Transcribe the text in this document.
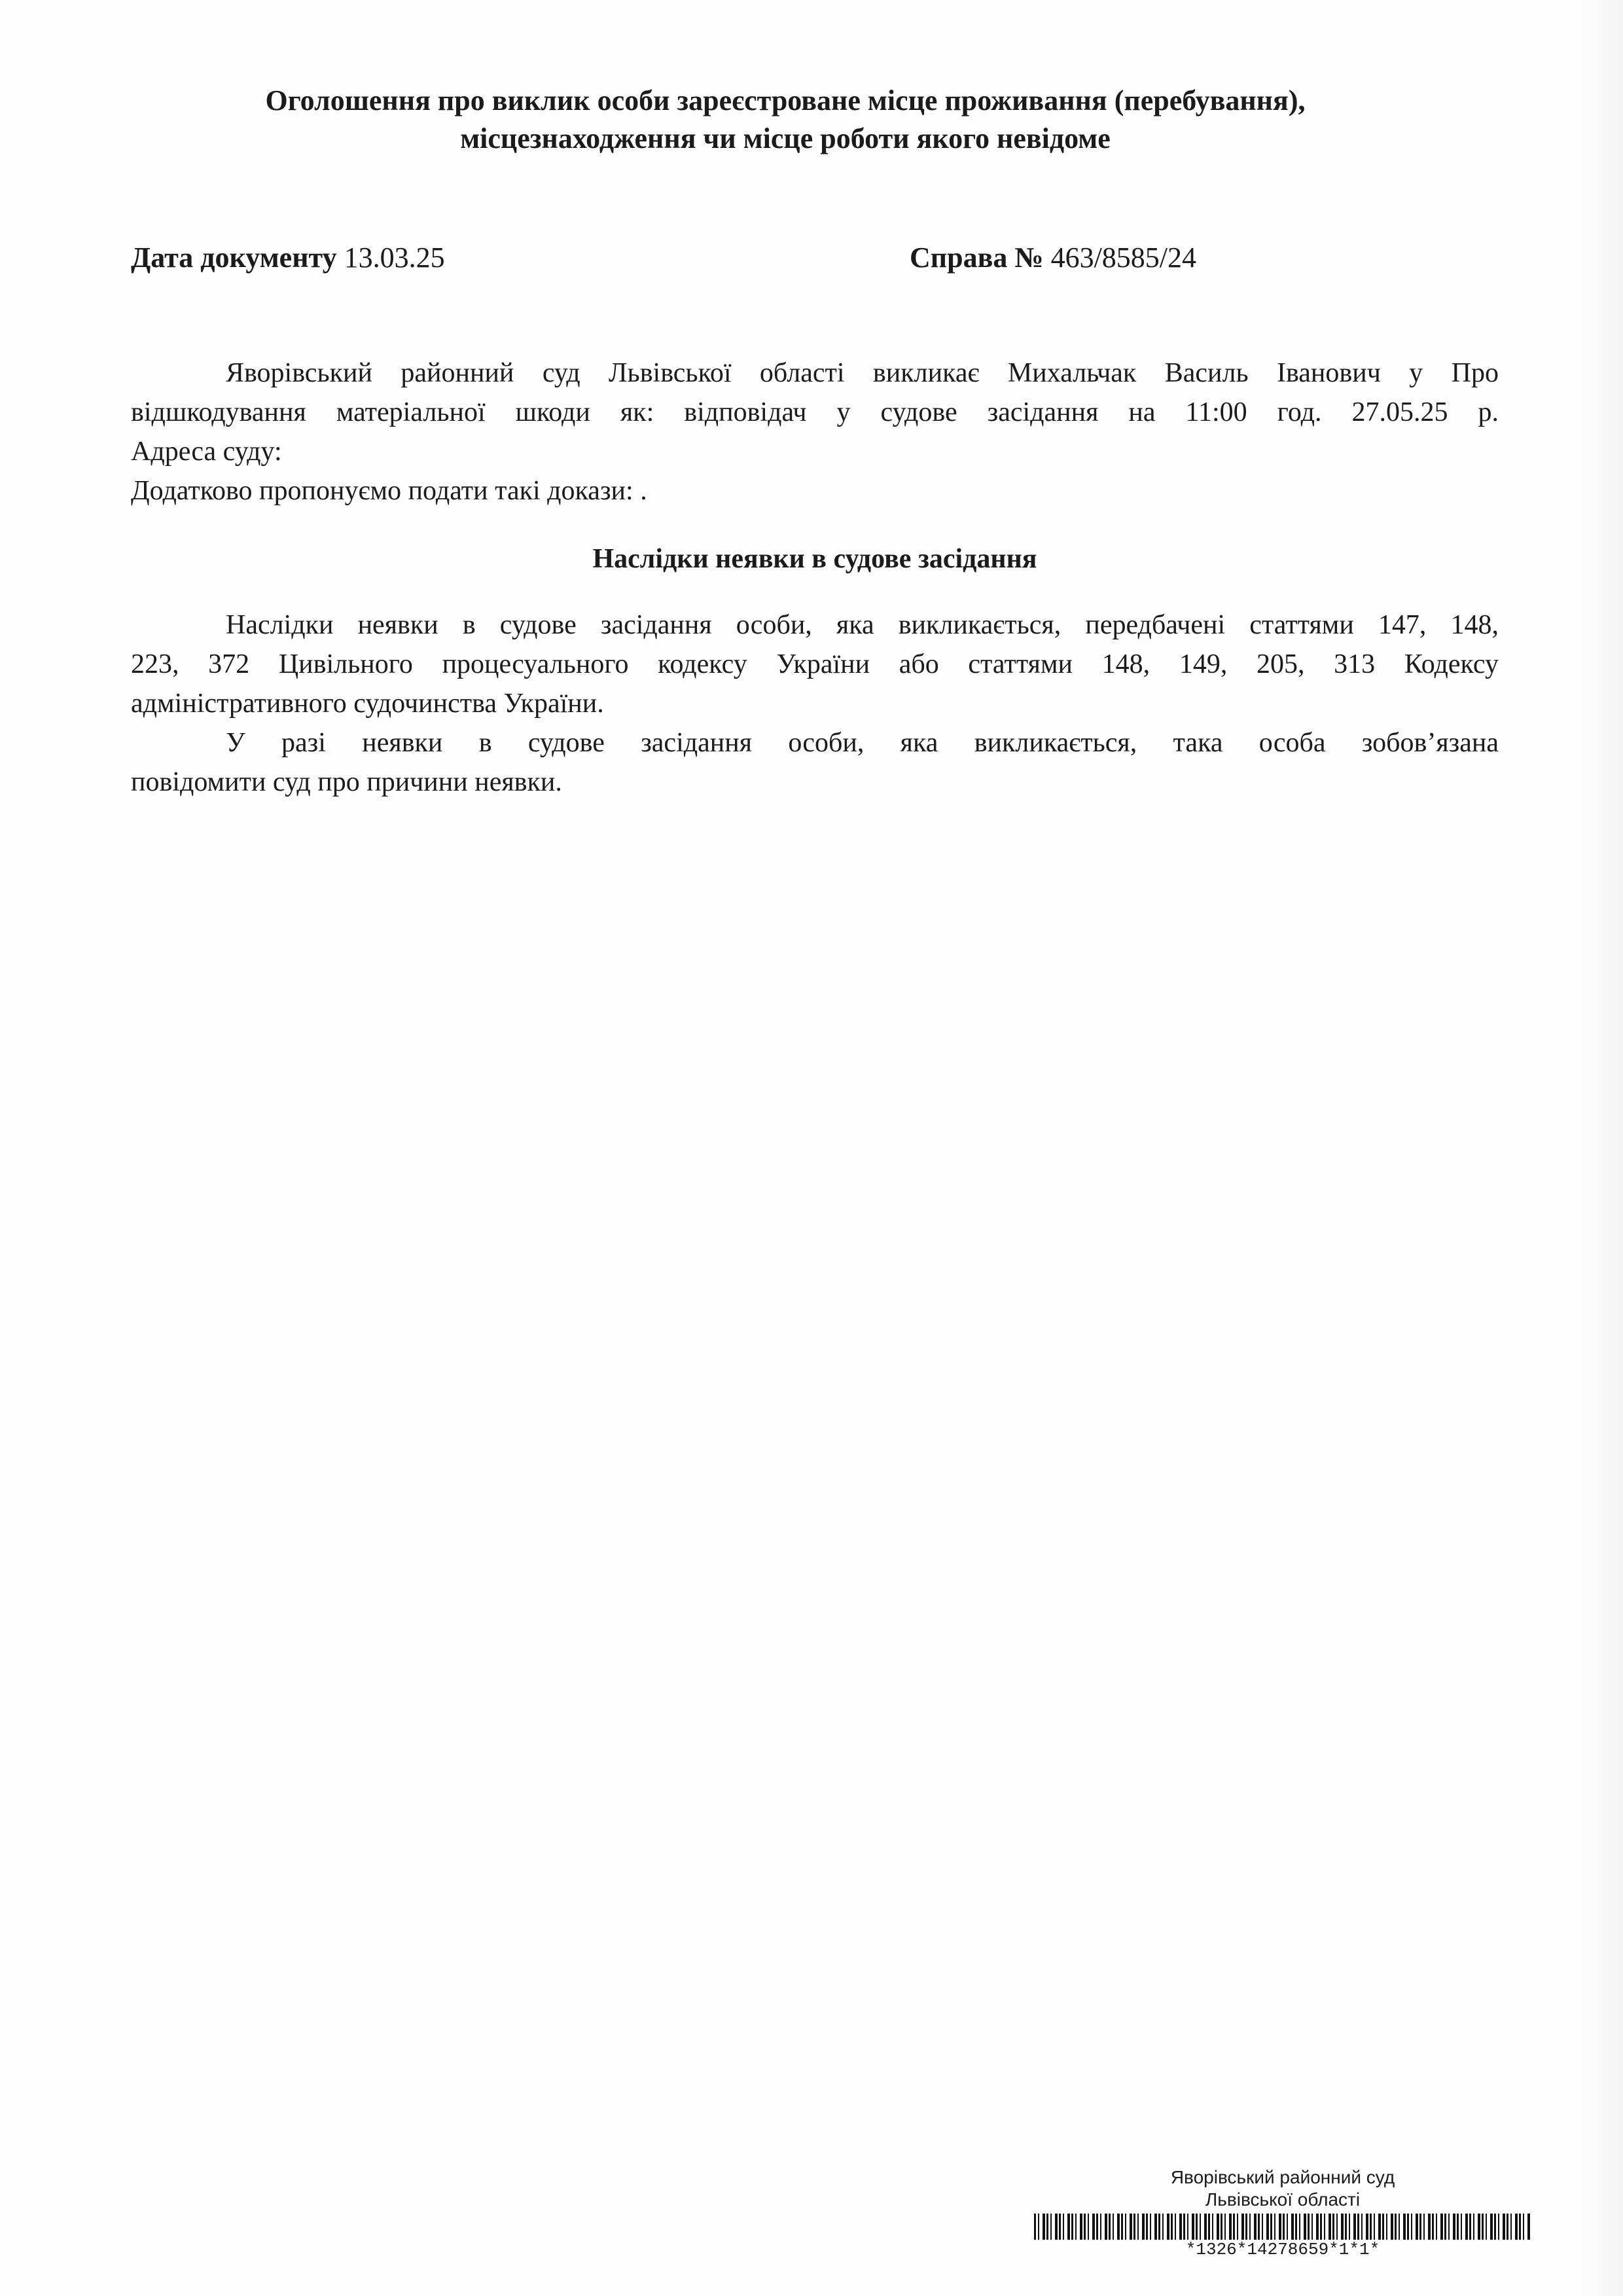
Оголошення про виклик особи зареєстроване місце проживання (перебування),
місцезнаходження чи місце роботи якого невідоме
Дата документу 13.03.25	Справа № 463/8585/24
Яворівський районний суд Львівської області викликає Михальчак Василь Іванович у Про
відшкодування матеріальної шкоди як: відповідач у судове засідання на 11:00 год. 27.05.25 р.
Адреса суду:
Додатково пропонуємо подати такі докази: .
Наслідки неявки в судове засідання
Наслідки неявки в судове засідання особи, яка викликається, передбачені статтями 147, 148,
223, 372 Цивільного процесуального кодексу України або статтями 148, 149, 205, 313 Кодексу
адміністративного судочинства України.
У разі неявки в судове засідання особи, яка викликається, така особа зобов’язана
повідомити суд про причини неявки.
Яворівський районний суд
Львівської області
*1326*14278659*1*1*
